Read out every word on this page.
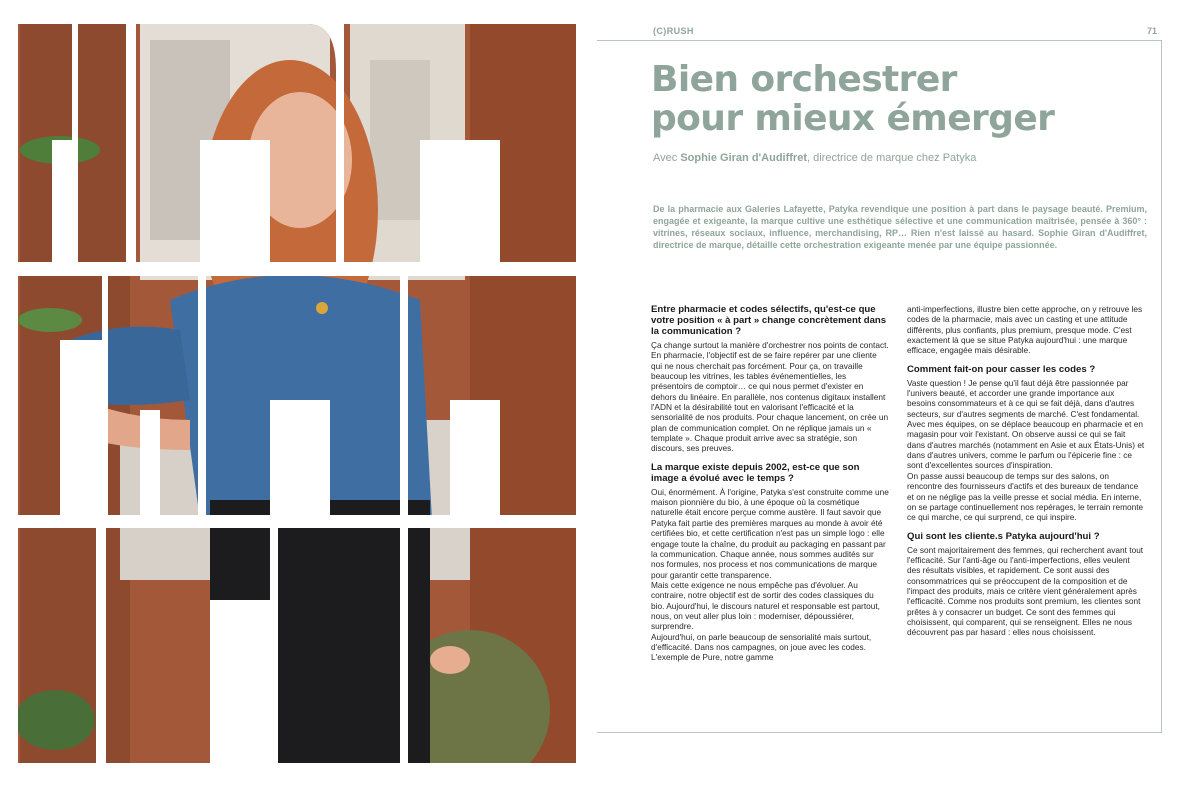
(C)RUSH	71
Bien orchestrer
pour mieux émerger
Avec Sophie Giran d'Audiffret, directrice de marque chez Patyka

De la pharmacie aux Galeries Lafayette, Patyka revendique une position à part dans le paysage beauté. Premium, engagée et exigeante, la marque cultive une esthétique sélective et une communication maîtrisée, pensée à 360° : vitrines, réseaux sociaux, influence, merchandising, RP… Rien n'est laissé au hasard. Sophie Giran d'Audiffret, directrice de marque, détaille cette orchestration exigeante menée par une équipe passionnée.

Entre pharmacie et codes sélectifs, qu'est-ce que votre position « à part » change concrètement dans la communication ?

Ça change surtout la manière d'orchestrer nos points de contact. En pharmacie, l'objectif est de se faire repérer par une cliente qui ne nous cherchait pas forcément. Pour ça, on travaille beaucoup les vitrines, les tables événementielles, les présentoirs de comptoir… ce qui nous permet d'exister en dehors du linéaire. En parallèle, nos contenus digitaux installent l'ADN et la désirabilité tout en valorisant l'efficacité et la sensorialité de nos produits. Pour chaque lancement, on crée un plan de communication complet. On ne réplique jamais un « template ». Chaque produit arrive avec sa stratégie, son discours, ses preuves.

La marque existe depuis 2002, est-ce que son image a évolué avec le temps ?

Oui, énormément. À l'origine, Patyka s'est construite comme une maison pionnière du bio, à une époque où la cosmétique naturelle était encore perçue comme austère. Il faut savoir que Patyka fait partie des premières marques au monde à avoir été certifiées bio, et cette certification n'est pas un simple logo : elle engage toute la chaîne, du produit au packaging en passant par la communication. Chaque année, nous sommes audités sur nos formules, nos process et nos communications de marque pour garantir cette transparence.

Mais cette exigence ne nous empêche pas d'évoluer. Au contraire, notre objectif est de sortir des codes classiques du bio. Aujourd'hui, le discours naturel et responsable est partout, nous, on veut aller plus loin : moderniser, dépoussiérer, surprendre.

Aujourd'hui, on parle beaucoup de sensorialité mais surtout, d'efficacité. Dans nos campagnes, on joue avec les codes. L'exemple de Pure, notre gamme

anti-imperfections, illustre bien cette approche, on y retrouve les codes de la pharmacie, mais avec un casting et une attitude différents, plus confiants, plus premium, presque mode. C'est exactement là que se situe Patyka aujourd'hui : une marque efficace, engagée mais désirable.

Comment fait-on pour casser les codes ?

Vaste question ! Je pense qu'il faut déjà être passionnée par l'univers beauté, et accorder une grande importance aux besoins consommateurs et à ce qui se fait déjà, dans d'autres secteurs, sur d'autres segments de marché. C'est fondamental.

Avec mes équipes, on se déplace beaucoup en pharmacie et en magasin pour voir l'existant. On observe aussi ce qui se fait dans d'autres marchés (notamment en Asie et aux États-Unis) et dans d'autres univers, comme le parfum ou l'épicerie fine : ce sont d'excellentes sources d'inspiration.

On passe aussi beaucoup de temps sur des salons, on rencontre des fournisseurs d'actifs et des bureaux de tendance et on ne néglige pas la veille presse et social média. En interne, on se partage continuellement nos repérages, le terrain remonte ce qui marche, ce qui surprend, ce qui inspire.

Qui sont les cliente.s Patyka aujourd'hui ?

Ce sont majoritairement des femmes, qui recherchent avant tout l'efficacité. Sur l'anti-âge ou l'anti-imperfections, elles veulent des résultats visibles, et rapidement. Ce sont aussi des consommatrices qui se préoccupent de la composition et de l'impact des produits, mais ce critère vient généralement après l'efficacité. Comme nos produits sont premium, les clientes sont prêtes à y consacrer un budget. Ce sont des femmes qui choisissent, qui comparent, qui se renseignent. Elles ne nous découvrent pas par hasard : elles nous choisissent.
